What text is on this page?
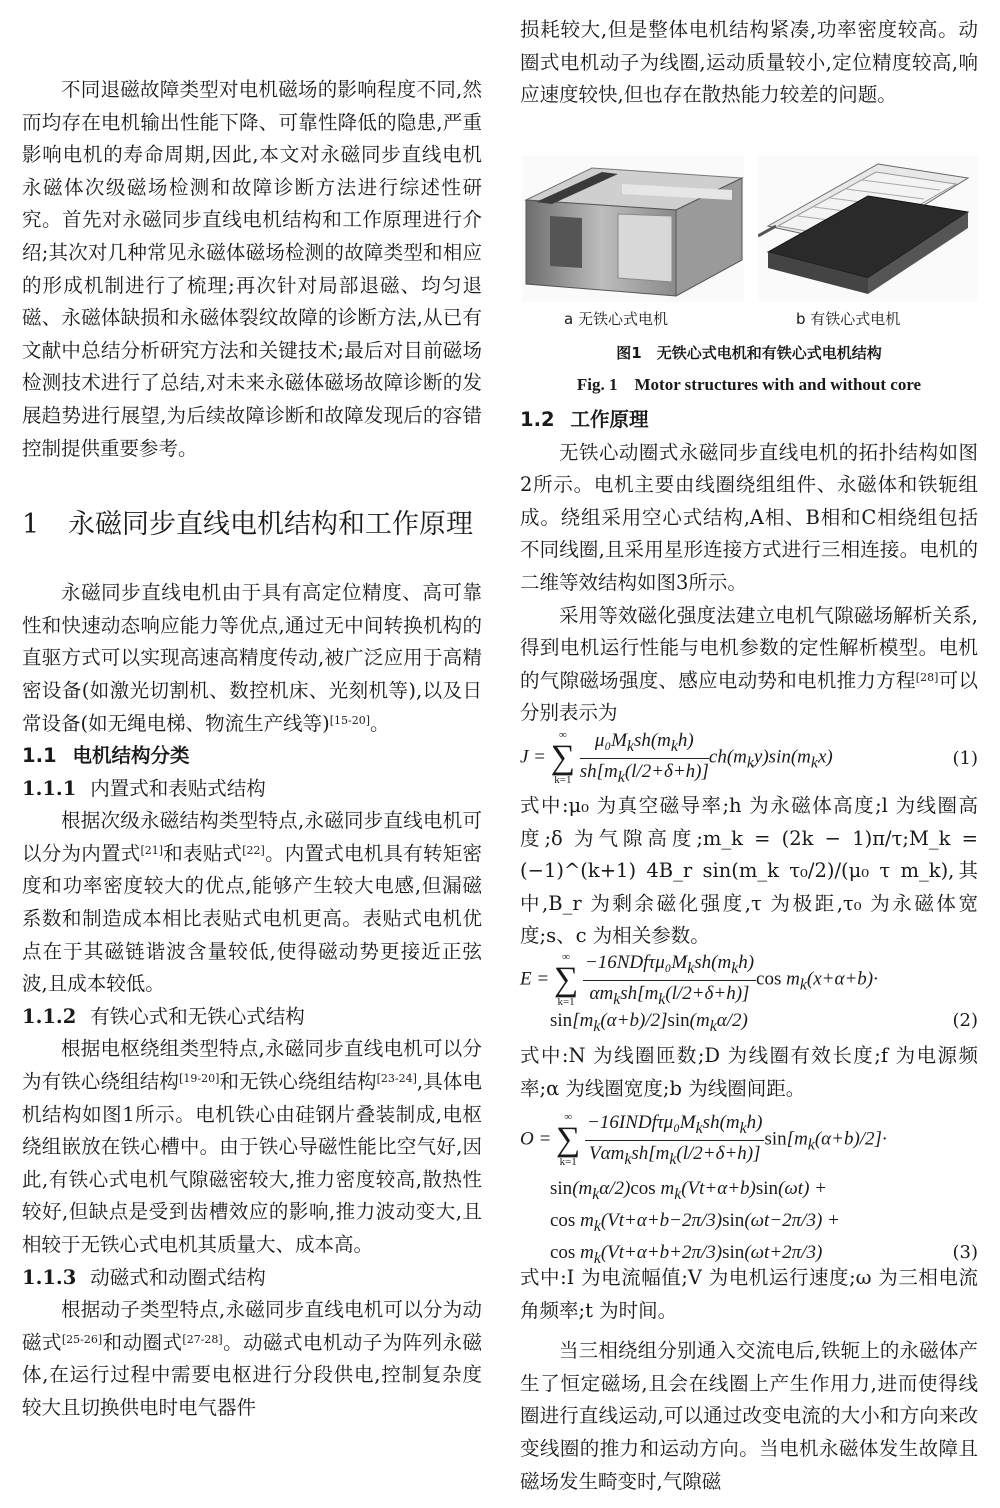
不同退磁故障类型对电机磁场的影响程度不同,然而均存在电机输出性能下降、可靠性降低的隐患,严重影响电机的寿命周期,因此,本文对永磁同步直线电机永磁体次级磁场检测和故障诊断方法进行综述性研究。首先对永磁同步直线电机结构和工作原理进行介绍;其次对几种常见永磁体磁场检测的故障类型和相应的形成机制进行了梳理;再次针对局部退磁、均匀退磁、永磁体缺损和永磁体裂纹故障的诊断方法,从已有文献中总结分析研究方法和关键技术;最后对目前磁场检测技术进行了总结,对未来永磁体磁场故障诊断的发展趋势进行展望,为后续故障诊断和故障发现后的容错控制提供重要参考。

1 永磁同步直线电机结构和工作原理

永磁同步直线电机由于具有高定位精度、高可靠性和快速动态响应能力等优点,通过无中间转换机构的直驱方式可以实现高速高精度传动,被广泛应用于高精密设备(如激光切割机、数控机床、光刻机等),以及日常设备(如无绳电梯、物流生产线等)[15-20]。

1.1 电机结构分类
1.1.1 内置式和表贴式结构

根据次级永磁结构类型特点,永磁同步直线电机可以分为内置式[21]和表贴式[22]。内置式电机具有转矩密度和功率密度较大的优点,能够产生较大电感,但漏磁系数和制造成本相比表贴式电机更高。表贴式电机优点在于其磁链谐波含量较低,使得磁动势更接近正弦波,且成本较低。

1.1.2 有铁心式和无铁心式结构

根据电枢绕组类型特点,永磁同步直线电机可以分为有铁心绕组结构[19-20]和无铁心绕组结构[23-24],具体电机结构如图1所示。电机铁心由硅钢片叠装制成,电枢绕组嵌放在铁心槽中。由于铁心导磁性能比空气好,因此,有铁心式电机气隙磁密较大,推力密度较高,散热性较好,但缺点是受到齿槽效应的影响,推力波动变大,且相较于无铁心式电机其质量大、成本高。

1.1.3 动磁式和动圈式结构

根据动子类型特点,永磁同步直线电机可以分为动磁式[25-26]和动圈式[27-28]。动磁式电机动子为阵列永磁体,在运行过程中需要电枢进行分段供电,控制复杂度较大且切换供电时电气器件

损耗较大,但是整体电机结构紧凑,功率密度较高。动圈式电机动子为线圈,运动质量较小,定位精度较高,响应速度较快,但也存在散热能力较差的问题。

a 无铁心式电机	b 有铁心式电机
图1　无铁心式电机和有铁心式电机结构
Fig. 1　Motor structures with and without core
1.2 工作原理

无铁心动圈式永磁同步直线电机的拓扑结构如图2所示。电机主要由线圈绕组组件、永磁体和铁轭组成。绕组采用空心式结构,A相、B相和C相绕组包括不同线圈,且采用星形连接方式进行三相连接。电机的二维等效结构如图3所示。

采用等效磁化强度法建立电机气隙磁场解析关系,得到电机运行性能与电机参数的定性解析模型。电机的气隙磁场强度、感应电动势和电机推力方程[28]可以分别表示为

J =
∞
∑
k=1
$\frac{\mu_0M_ksh(m_kh)}{sh[m_k(l/2+\delta+h)]} ch(m_ky)\sin(m_kx)$	(1)

式中:μ₀ 为真空磁导率;h 为永磁体高度;l 为线圈高度;δ 为气隙高度;m_k = (2k − 1)π/τ;M_k = (−1)^(k+1) 4B_r sin(m_k τ₀/2)/(μ₀ τ m_k),其中,B_r 为剩余磁化强度,τ 为极距,τ₀ 为永磁体宽度;s、c 为相关参数。

E =
∞
∑
k=1
$\frac{-16NDf\tau\mu_0M_ksh(m_kh)}{\alpha m_ksh[m_k(l/2+\delta+h)]}$ $\cos m_k(x+\alpha+b)\cdot$
$\sin[m_k(\alpha+b)/2]\sin(m_k\alpha/2)$	(2)

式中:N 为线圈匝数;D 为线圈有效长度;f 为电源频率;α 为线圈宽度;b 为线圈间距。

O =
∞
∑
k=1
$\frac{-16INDf\tau\mu_0M_ksh(m_kh)}{V\alpha m_ksh[m_k(l/2+\delta+h)]} \sin[m_k(\alpha+b)/2]\cdot$
$\sin(m_k\alpha/2)\cos$ $m_k(Vt+\alpha+b)\sin(\omega t)$ +
$\cos m_k(Vt+\alpha+b-2\pi/3)\sin(\omega t-2\pi/3)$ +
$\cos m_k(Vt+\alpha+b+2\pi/3)\sin(\omega t+2\pi/3)$	(3)

式中:I 为电流幅值;V 为电机运行速度;ω 为三相电流角频率;t 为时间。

当三相绕组分别通入交流电后,铁轭上的永磁体产生了恒定磁场,且会在线圈上产生作用力,进而使得线圈进行直线运动,可以通过改变电流的大小和方向来改变线圈的推力和运动方向。当电机永磁体发生故障且磁场发生畸变时,气隙磁
